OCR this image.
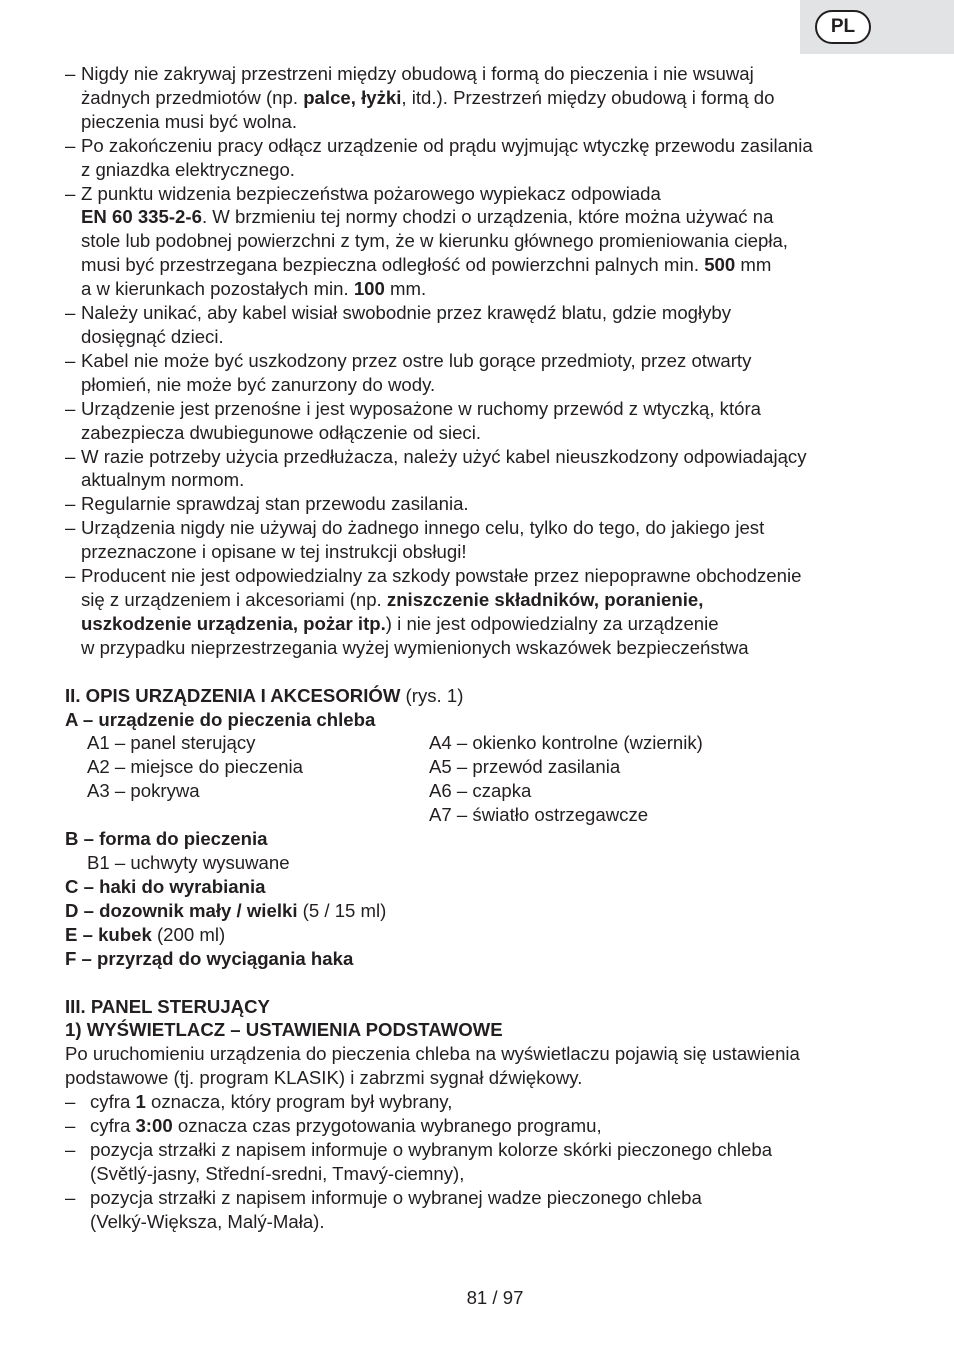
PL
– Nigdy nie zakrywaj przestrzeni między obudową i formą do pieczenia i nie wsuwaj
żadnych przedmiotów (np. palce, łyżki, itd.). Przestrzeń między obudową i formą do
pieczenia musi być wolna.
– Po zakończeniu pracy odłącz urządzenie od prądu wyjmując wtyczkę przewodu zasilania
z gniazdka elektrycznego.
– Z punktu widzenia bezpieczeństwa pożarowego wypiekacz odpowiada
EN 60 335-2-6. W brzmieniu tej normy chodzi o urządzenia, które można używać na
stole lub podobnej powierzchni z tym, że w kierunku głównego promieniowania ciepła,
musi być przestrzegana bezpieczna odległość od powierzchni palnych min. 500 mm
a w kierunkach pozostałych min. 100 mm.
– Należy unikać, aby kabel wisiał swobodnie przez krawędź blatu, gdzie mogłyby
dosięgnąć dzieci.
– Kabel nie może być uszkodzony przez ostre lub gorące przedmioty, przez otwarty
płomień, nie może być zanurzony do wody.
– Urządzenie jest przenośne i jest wyposażone w ruchomy przewód z wtyczką, która
zabezpiecza dwubiegunowe odłączenie od sieci.
– W razie potrzeby użycia przedłużacza, należy użyć kabel nieuszkodzony odpowiadający
aktualnym normom.
– Regularnie sprawdzaj stan przewodu zasilania.
– Urządzenia nigdy nie używaj do żadnego innego celu, tylko do tego, do jakiego jest
przeznaczone i opisane w tej instrukcji obsługi!
– Producent nie jest odpowiedzialny za szkody powstałe przez niepoprawne obchodzenie
się z urządzeniem i akcesoriami (np. zniszczenie składników, poranienie,
uszkodzenie urządzenia, pożar itp.) i nie jest odpowiedzialny za urządzenie
w przypadku nieprzestrzegania wyżej wymienionych wskazówek bezpieczeństwa
II. OPIS URZĄDZENIA I AKCESORIÓW (rys. 1)
A – urządzenie do pieczenia chleba
A1 – panel sterujący
A2 – miejsce do pieczenia
A3 – pokrywa
A4 – okienko kontrolne (wziernik)
A5 – przewód zasilania
A6 – czapka
A7 – światło ostrzegawcze
B – forma do pieczenia
B1 – uchwyty wysuwane
C – haki do wyrabiania
D – dozownik mały / wielki (5 / 15 ml)
E – kubek (200 ml)
F – przyrząd do wyciągania haka
III. PANEL STERUJĄCY
1) WYŚWIETLACZ – USTAWIENIA PODSTAWOWE
Po uruchomieniu urządzenia do pieczenia chleba na wyświetlaczu pojawią się ustawienia
podstawowe (tj. program KLASIK) i zabrzmi sygnał dźwiękowy.
– cyfra 1 oznacza, który program był wybrany,
– cyfra 3:00 oznacza czas przygotowania wybranego programu,
– pozycja strzałki z napisem informuje o wybranym kolorze skórki pieczonego chleba
(Světlý-jasny, Střední-sredni, Tmavý-ciemny),
– pozycja strzałki z napisem informuje o wybranej wadze pieczonego chleba
(Velký-Większa, Malý-Mała).
81 / 97
